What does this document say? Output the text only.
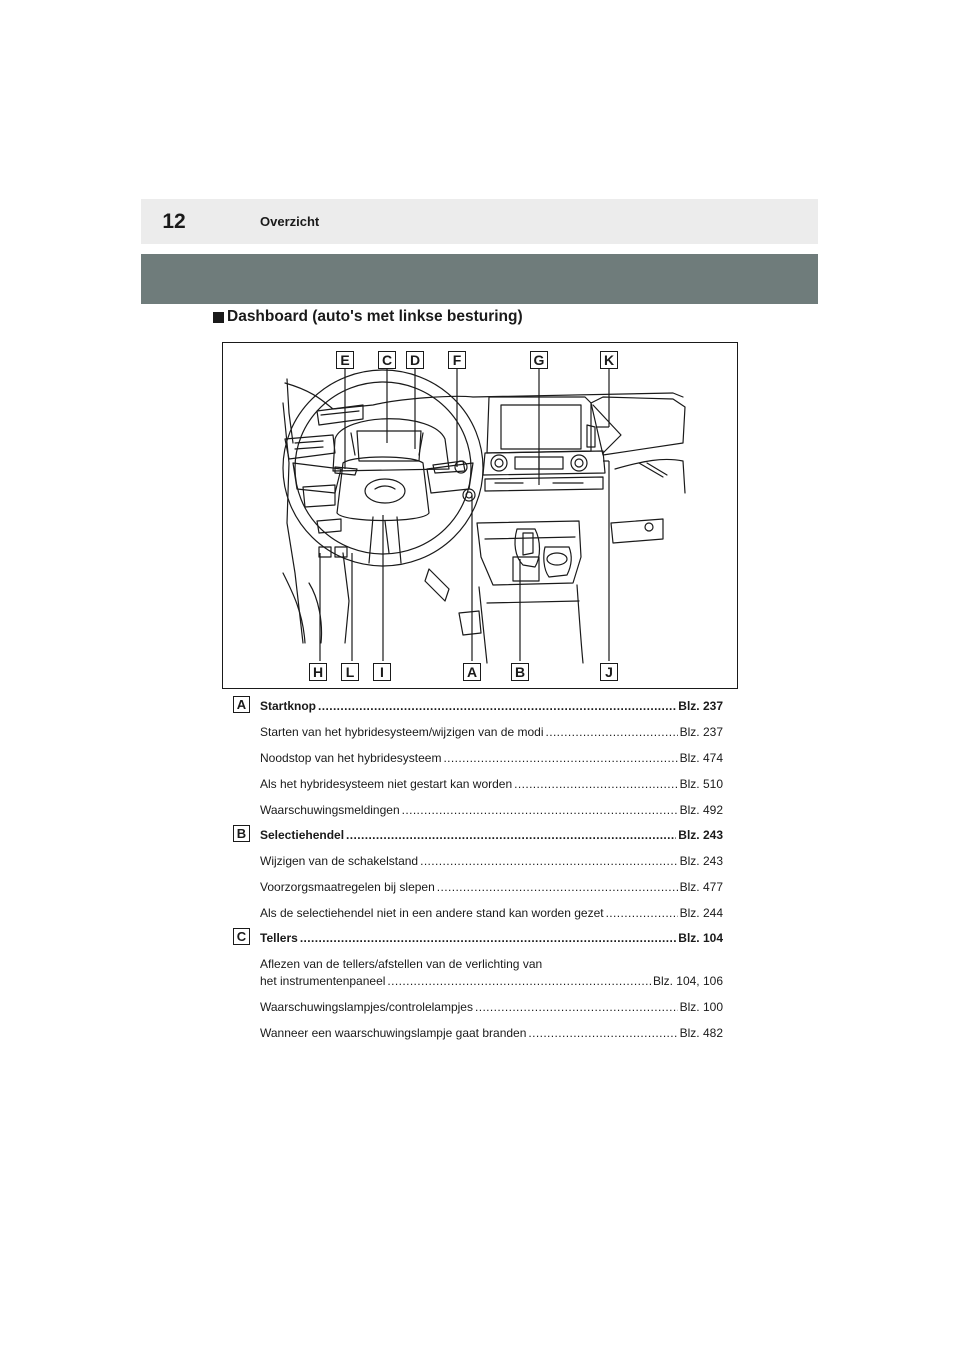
12	Overzicht
Dashboard (auto's met linkse besturing)
E	C D	F	G	K
H	L	I	A	B	J
A	Startknop .....	Blz. 237
Starten van het hybridesysteem/wijzigen van de modi .....	Blz. 237
Noodstop van het hybridesysteem .....	Blz. 474
Als het hybridesysteem niet gestart kan worden .....	Blz. 510
Waarschuwingsmeldingen .....	Blz. 492
B	Selectiehendel .....	Blz. 243
Wijzigen van de schakelstand .....	Blz. 243
Voorzorgsmaatregelen bij slepen .....	Blz. 477
Als de selectiehendel niet in een andere stand kan worden gezet .....	Blz. 244
C	Tellers .....	Blz. 104
Aflezen van de tellers/afstellen van de verlichting van
het instrumentenpaneel .....	Blz. 104, 106
Waarschuwingslampjes/controlelampjes .....	Blz. 100
Wanneer een waarschuwingslampje gaat branden .....	Blz. 482
